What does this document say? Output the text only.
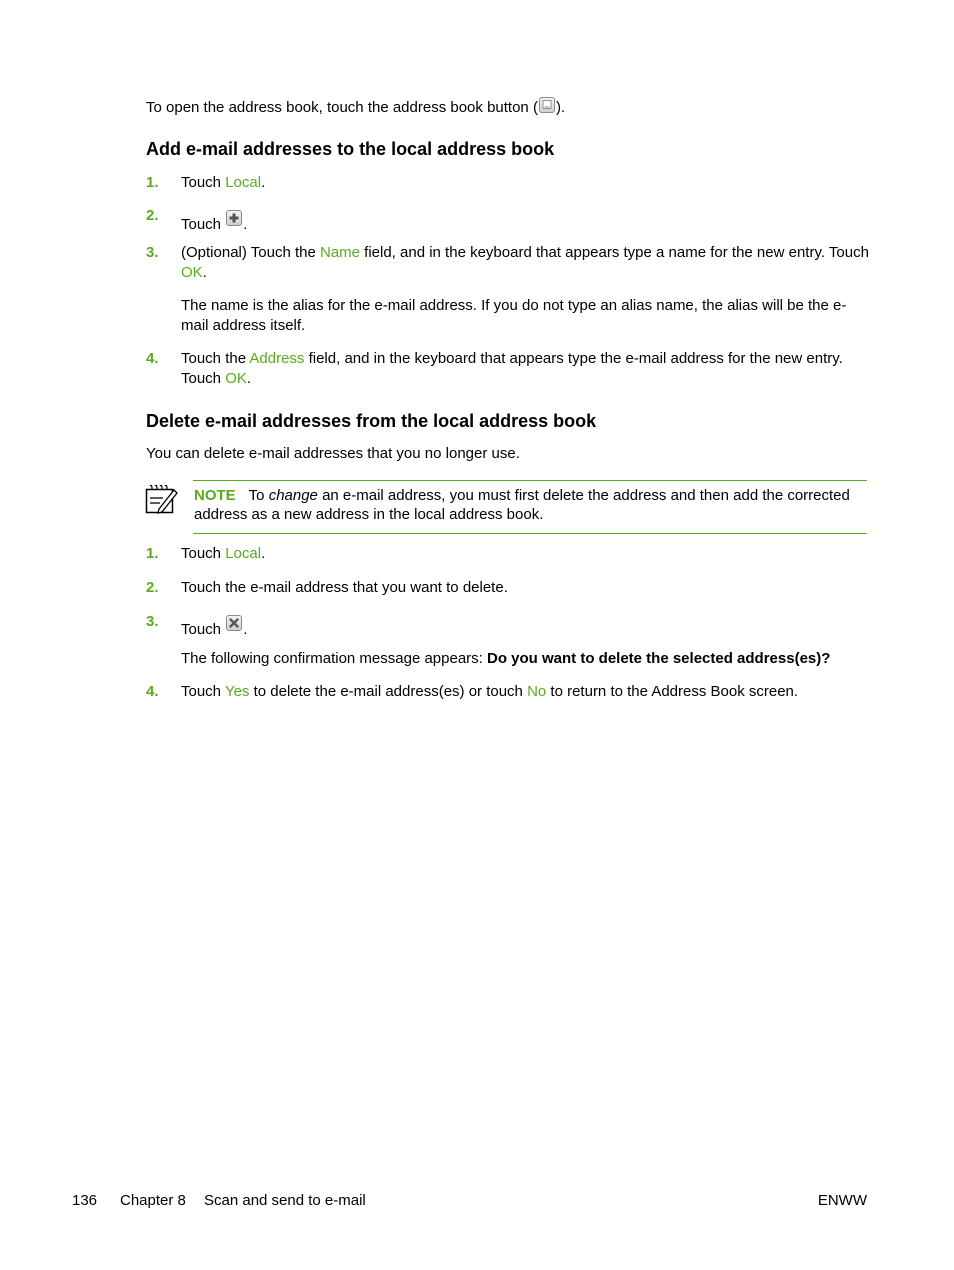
To open the address book, touch the address book button ( ).
Add e-mail addresses to the local address book
1. Touch Local.
2.
Touch
.
3. (Optional) Touch the Name field, and in the keyboard that appears type a name for the new entry. Touch OK.
The name is the alias for the e-mail address. If you do not type an alias name, the alias will be the e-mail address itself.
4. Touch the Address field, and in the keyboard that appears type the e-mail address for the new entry. Touch OK.
Delete e-mail addresses from the local address book
You can delete e-mail addresses that you no longer use.
NOTE To change an e-mail address, you must first delete the address and then add the corrected address as a new address in the local address book.
1. Touch Local.
2. Touch the e-mail address that you want to delete.
3. Touch
.
The following confirmation message appears: Do you want to delete the selected address(es)?
4. Touch Yes to delete the e-mail address(es) or touch No to return to the Address Book screen.
136 Chapter 8 Scan and send to e-mail	ENWW
